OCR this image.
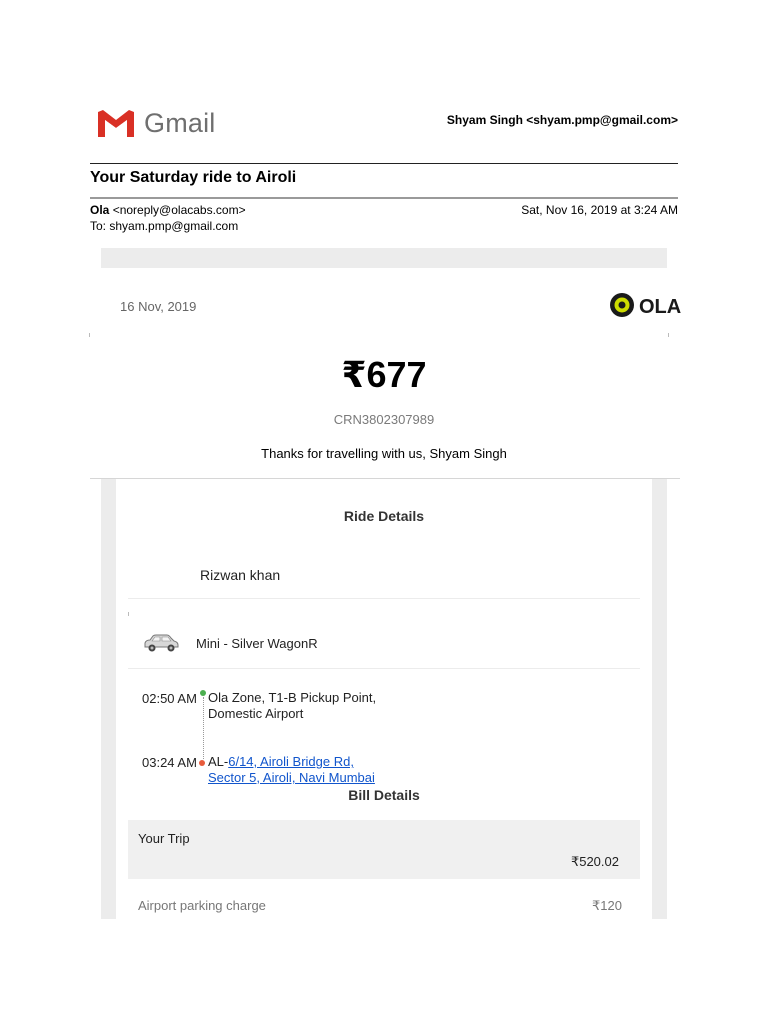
Gmail	Shyam Singh <shyam.pmp@gmail.com>
Your Saturday ride to Airoli
Ola <noreply@olacabs.com>	Sat, Nov 16, 2019 at 3:24 AM
To: shyam.pmp@gmail.com
16 Nov, 2019	OLA
₹677
CRN3802307989
Thanks for travelling with us, Shyam Singh
Ride Details
Rizwan khan
Mini - Silver WagonR
02:50 AM Ola Zone, T1-B Pickup Point,
Domestic Airport
03:24 AM AL-6/14, Airoli Bridge Rd,
Sector 5, Airoli, Navi Mumbai
Bill Details
Your Trip
₹520.02
Airport parking charge	₹120
